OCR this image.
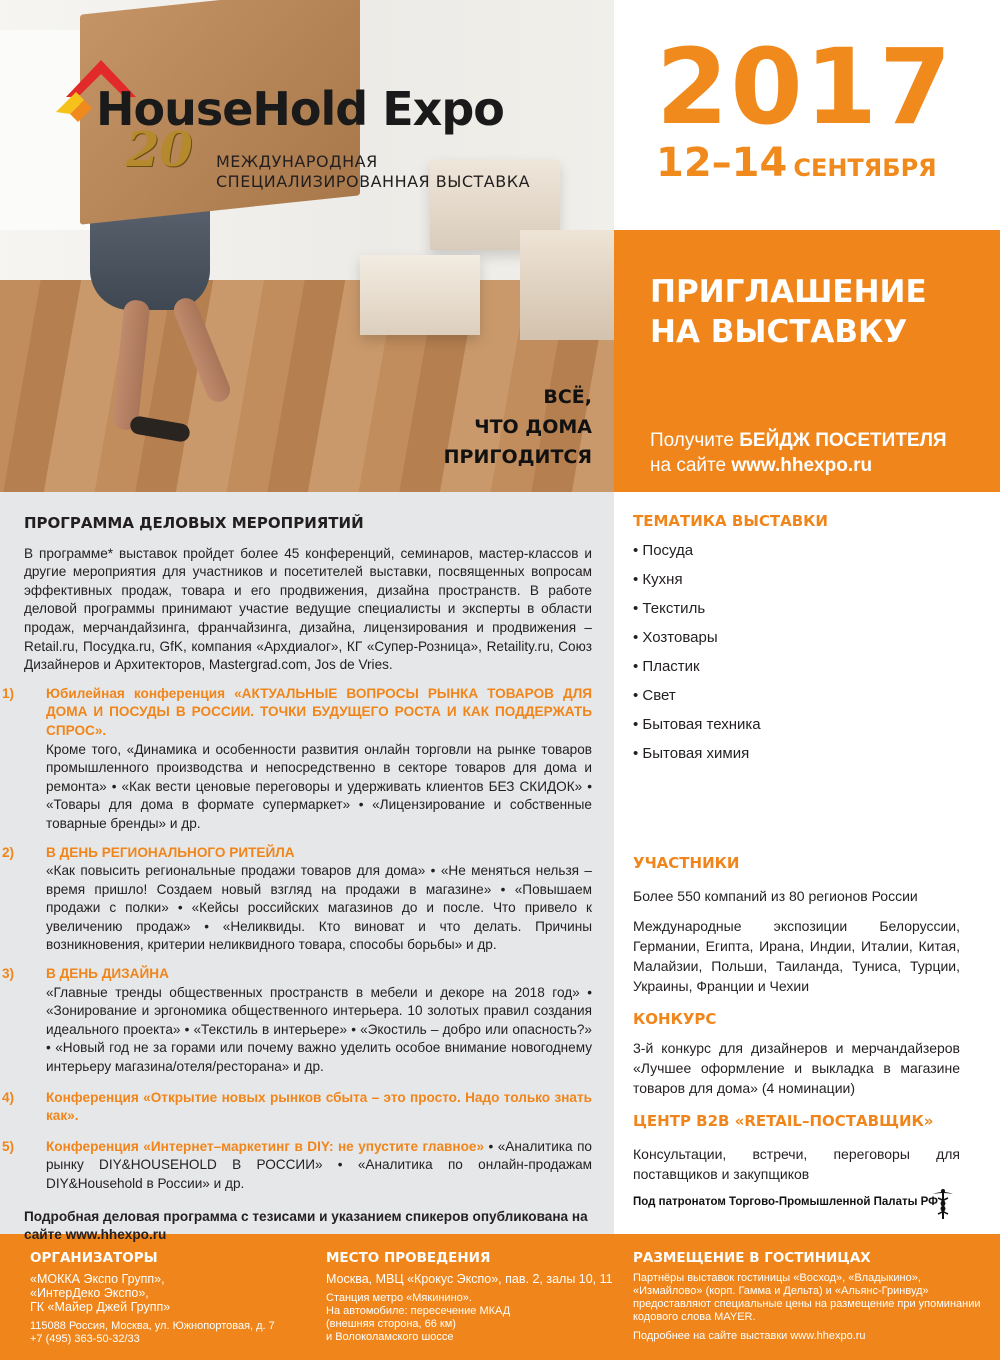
HouseHold Expo
20 МЕЖДУНАРОДНАЯ
СПЕЦИАЛИЗИРОВАННАЯ ВЫСТАВКА
ВСЁ,
ЧТО ДОМА
ПРИГОДИТСЯ
2017
12–14 СЕНТЯБРЯ
ПРИГЛАШЕНИЕ
НА ВЫСТАВКУ
Получите БЕЙДЖ ПОСЕТИТЕЛЯ
на сайте www.hhexpo.ru
ПРОГРАММА ДЕЛОВЫХ МЕРОПРИЯТИЙ

В программе* выставок пройдет более 45 конференций, семинаров, мастер-классов и другие мероприятия для участников и посетителей выставки, посвященных вопросам эффективных продаж, товара и его продвижения, дизайна пространств. В работе деловой программы принимают участие ведущие специалисты и эксперты в области продаж, мерчандайзинга, франчайзинга, дизайна, лицензирования и продвижения – Retail.ru, Посудка.ru, GfK, компания «Архдиалог», КГ «Супер-Розница», Retaility.ru, Союз Дизайнеров и Архитекторов, Mastergrad.com, Jos de Vries.

1) Юбилейная конференция «АКТУАЛЬНЫЕ ВОПРОСЫ РЫНКА ТОВАРОВ ДЛЯ ДОМА И ПОСУДЫ В РОССИИ. ТОЧКИ БУДУЩЕГО РОСТА И КАК ПОДДЕРЖАТЬ СПРОС».
Кроме того, «Динамика и особенности развития онлайн торговли на рынке товаров промышленного производства и непосредственно в секторе товаров для дома и ремонта» • «Как вести ценовые переговоры и удерживать клиентов БЕЗ СКИДОК» • «Товары для дома в формате супермаркет» • «Лицензирование и собственные товарные бренды» и др.
2) В ДЕНЬ РЕГИОНАЛЬНОГО РИТЕЙЛА
«Как повысить региональные продажи товаров для дома» • «Не меняться нельзя – время пришло! Создаем новый взгляд на продажи в магазине» • «Повышаем продажи с полки» • «Кейсы российских магазинов до и после. Что привело к увеличению продаж» • «Неликвиды. Кто виноват и что делать. Причины возникновения, критерии неликвидного товара, способы борьбы» и др.
3) В ДЕНЬ ДИЗАЙНА
«Главные тренды общественных пространств в мебели и декоре на 2018 год» • «Зонирование и эргономика общественного интерьера. 10 золотых правил создания идеального проекта» • «Текстиль в интерьере» • «Экостиль – добро или опасность?» • «Новый год не за горами или почему важно уделить особое внимание новогоднему интерьеру магазина/отеля/ресторана» и др.
4) Конференция «Открытие новых рынков сбыта – это просто. Надо только знать как».
5) Конференция «Интернет–маркетинг в DIY: не упустите главное» • «Аналитика по рынку DIY&HOUSEHOLD В РОССИИ» • «Аналитика по онлайн-продажам DIY&Household в России» и др.
Подробная деловая программа с тезисами и указанием спикеров опубликована на сайте www.hhexpo.ru
ТЕМАТИКА ВЫСТАВКИ
• Посуда
• Кухня
• Текстиль
• Хозтовары
• Пластик
• Свет
• Бытовая техника
• Бытовая химия
УЧАСТНИКИ
Более 550 компаний из 80 регионов России
Международные экспозиции Белоруссии, Германии, Египта, Ирана, Индии, Италии, Китая, Малайзии, Польши, Таиланда, Туниса, Турции, Украины, Франции и Чехии
КОНКУРС
3-й конкурс для дизайнеров и мерчандайзеров «Лучшее оформление и выкладка в магазине товаров для дома» (4 номинации)
ЦЕНТР B2B «RETAIL–ПОСТАВЩИК»
Консультации, встречи, переговоры для поставщиков и закупщиков
Под патронатом Торгово-Промышленной Палаты РФ
ОРГАНИЗАТОРЫ
«МОККА Экспо Групп»,
«ИнтерДеко Экспо»,
ГК «Майер Джей Групп»
115088 Россия, Москва, ул. Южнопортовая, д. 7
+7 (495) 363-50-32/33
МЕСТО ПРОВЕДЕНИЯ
Москва, МВЦ «Крокус Экспо», пав. 2, залы 10, 11
Станция метро «Мякинино».
На автомобиле: пересечение МКАД
(внешняя сторона, 66 км)
и Волоколамского шоссе
РАЗМЕЩЕНИЕ В ГОСТИНИЦАХ
Партнёры выставок гостиницы «Восход», «Владыкино»,
«Измайлово» (корп. Гамма и Дельта) и «Альянс-Гринвуд»
предоставляют специальные цены на размещение при упоминании
кодового слова MAYER.
Подробнее на сайте выставки www.hhexpo.ru
